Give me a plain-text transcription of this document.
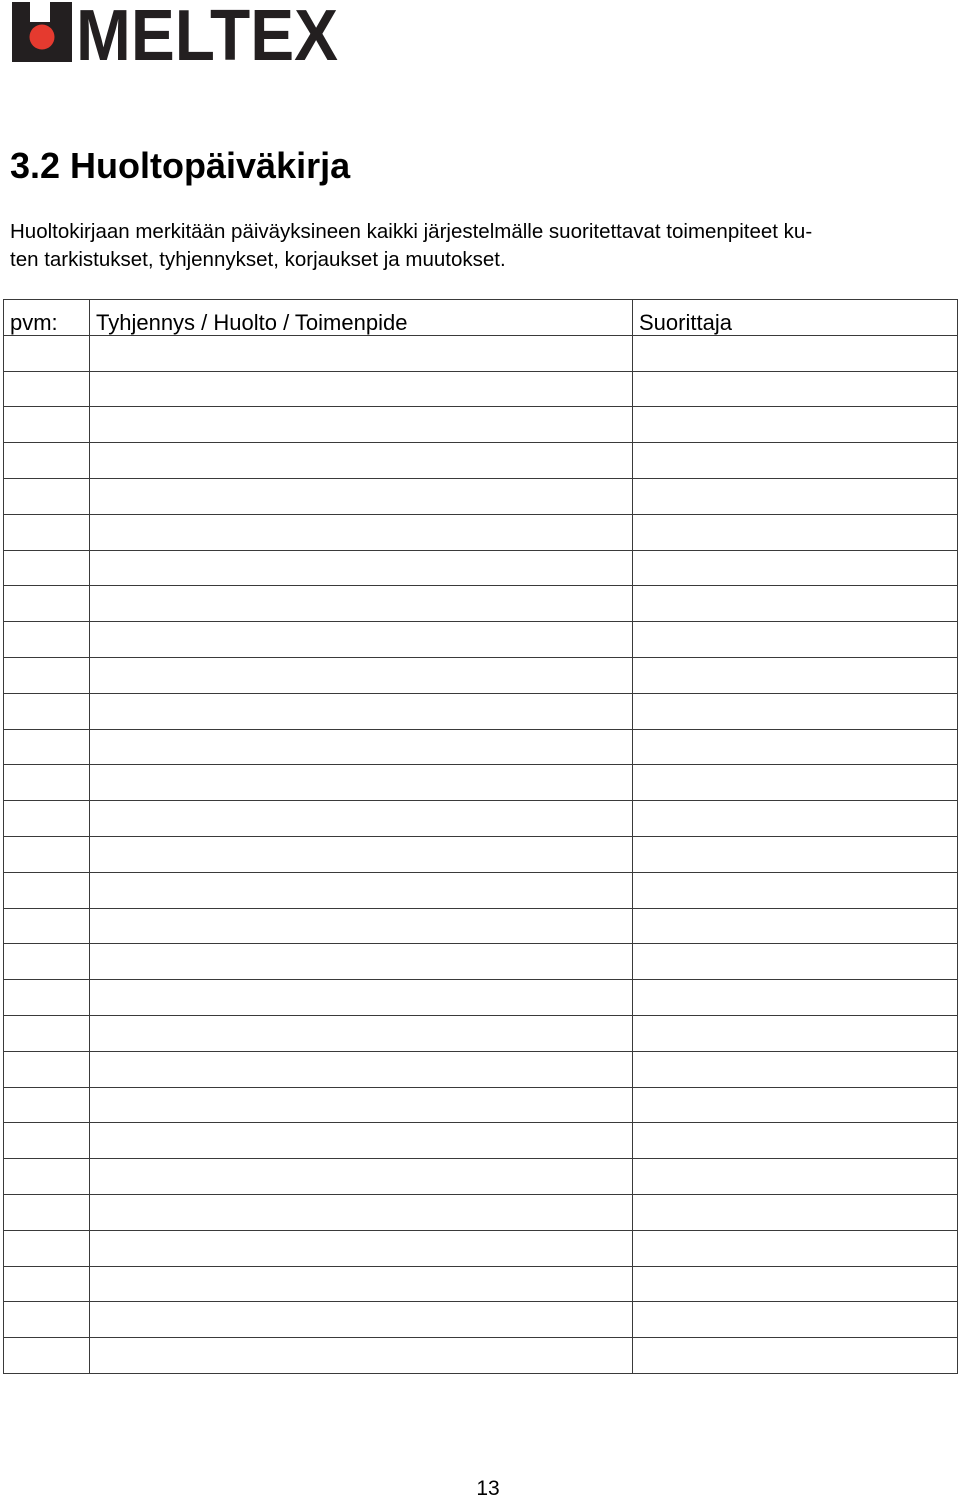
MELTEX
3.2 Huoltopäiväkirja
Huoltokirjaan merkitään päiväyksineen kaikki järjestelmälle suoritettavat toimenpiteet ku-
ten tarkistukset, tyhjennykset, korjaukset ja muutokset.
pvm:	Tyhjennys / Huolto / Toimenpide	Suorittaja

13
